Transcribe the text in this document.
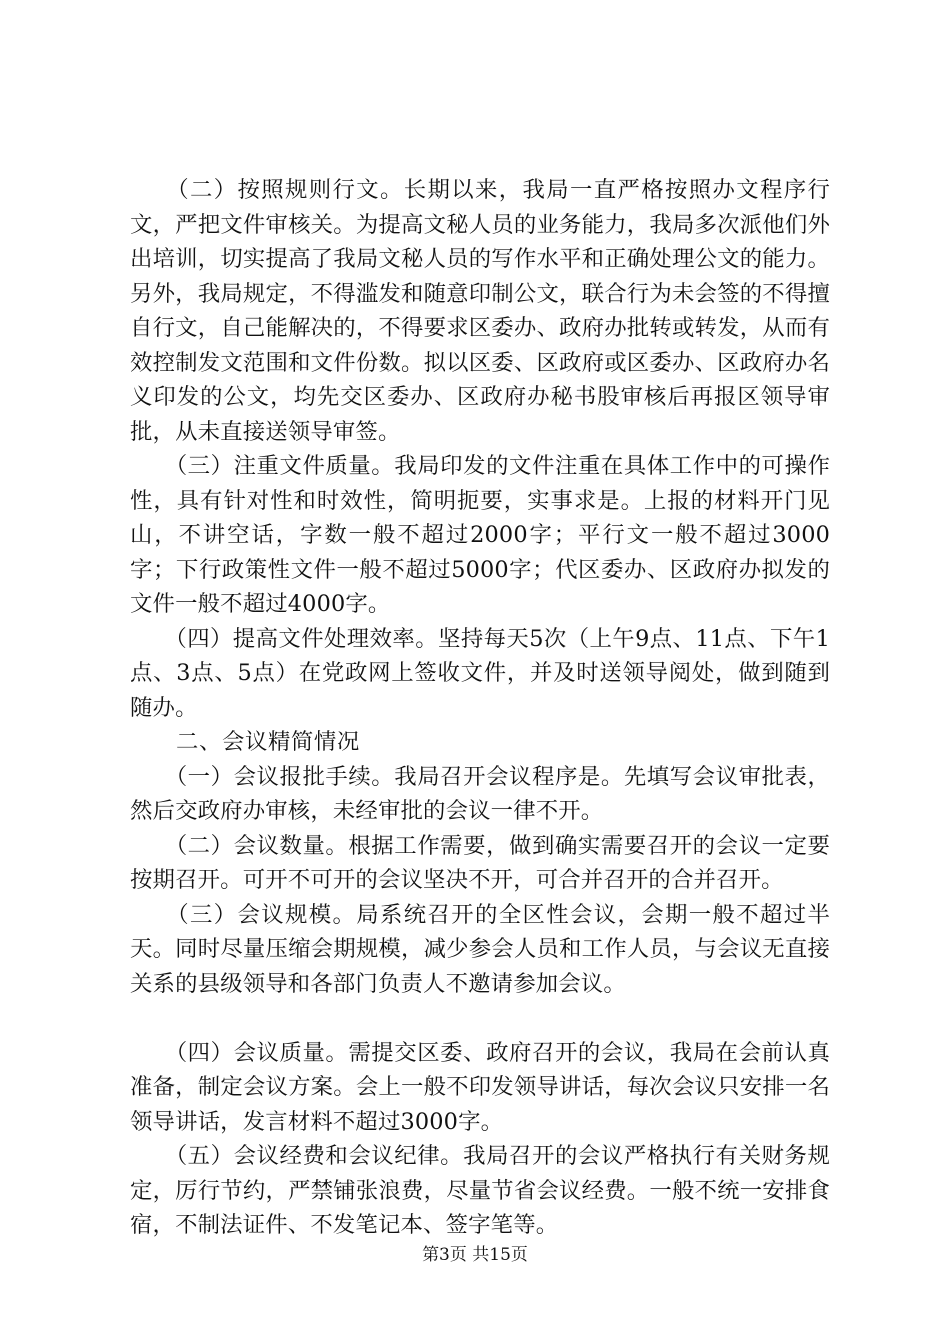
　　（二）按照规则行文。长期以来，我局一直严格按照办文程序行文，严把文件审核关。为提高文秘人员的业务能力，我局多次派他们外出培训，切实提高了我局文秘人员的写作水平和正确处理公文的能力。另外，我局规定，不得滥发和随意印制公文，联合行为未会签的不得擅自行文，自己能解决的，不得要求区委办、政府办批转或转发，从而有效控制发文范围和文件份数。拟以区委、区政府或区委办、区政府办名义印发的公文，均先交区委办、区政府办秘书股审核后再报区领导审批，从未直接送领导审签。

　　（三）注重文件质量。我局印发的文件注重在具体工作中的可操作性，具有针对性和时效性，简明扼要，实事求是。上报的材料开门见山，不讲空话，字数一般不超过2000字；平行文一般不超过3000字；下行政策性文件一般不超过5000字；代区委办、区政府办拟发的文件一般不超过4000字。

　　（四）提高文件处理效率。坚持每天5次（上午9点、11点、下午1点、3点、5点）在党政网上签收文件，并及时送领导阅处，做到随到随办。

　　二、会议精简情况

　　（一）会议报批手续。我局召开会议程序是。先填写会议审批表，然后交政府办审核，未经审批的会议一律不开。

　　（二）会议数量。根据工作需要，做到确实需要召开的会议一定要按期召开。可开不可开的会议坚决不开，可合并召开的合并召开。

　　（三）会议规模。局系统召开的全区性会议，会期一般不超过半天。同时尽量压缩会期规模，减少参会人员和工作人员，与会议无直接关系的县级领导和各部门负责人不邀请参加会议。

　　（四）会议质量。需提交区委、政府召开的会议，我局在会前认真准备，制定会议方案。会上一般不印发领导讲话，每次会议只安排一名领导讲话，发言材料不超过3000字。

　　（五）会议经费和会议纪律。我局召开的会议严格执行有关财务规定，厉行节约，严禁铺张浪费，尽量节省会议经费。一般不统一安排食宿，不制法证件、不发笔记本、签字笔等。

第3页 共15页
